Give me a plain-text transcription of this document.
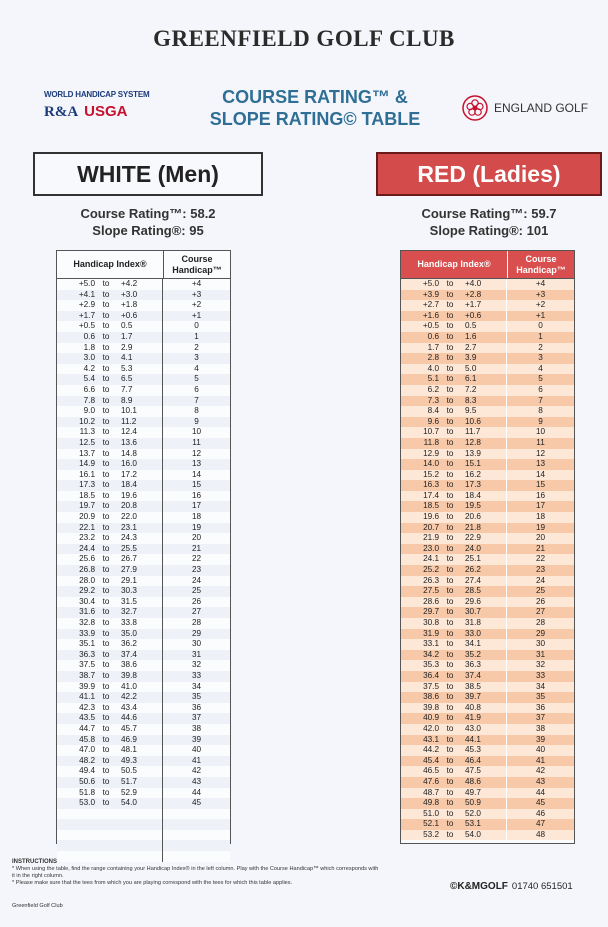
GREENFIELD GOLF CLUB
WORLD HANDICAP SYSTEM
R&A USGA
COURSE RATING™ &
SLOPE RATING© TABLE
ENGLAND GOLF
WHITE (Men)	RED (Ladies)
Course Rating™: 58.2
Slope Rating®: 95
Course Rating™: 59.7
Slope Rating®: 101
Handicap Index®
Course Handicap™
+5.0 to	+4.2	+4
+4.1 to	+3.0	+3
+2.9 to	+1.8	+2
+1.7 to	+0.6	+1
+0.5 to	0.5	0
0.6 to	1.7	1
1.8 to	2.9	2
3.0 to	4.1	3
4.2 to	5.3	4
5.4 to	6.5	5
6.6 to	7.7	6
7.8 to	8.9	7
9.0 to	10.1	8
10.2 to	11.2	9
11.3 to	12.4	10
12.5 to	13.6	11
13.7 to	14.8	12
14.9 to	16.0	13
16.1 to	17.2	14
17.3 to	18.4	15
18.5 to	19.6	16
19.7 to	20.8	17
20.9 to	22.0	18
22.1 to	23.1	19
23.2 to	24.3	20
24.4 to	25.5	21
25.6 to	26.7	22
26.8 to	27.9	23
28.0 to	29.1	24
29.2 to	30.3	25
30.4 to	31.5	26
31.6 to	32.7	27
32.8 to	33.8	28
33.9 to	35.0	29
35.1 to	36.2	30
36.3 to	37.4	31
37.5 to	38.6	32
38.7 to	39.8	33
39.9 to	41.0	34
41.1 to	42.2	35
42.3 to	43.4	36
43.5 to	44.6	37
44.7 to	45.7	38
45.8 to	46.9	39
47.0 to	48.1	40
48.2 to	49.3	41
49.4 to	50.5	42
50.6 to	51.7	43
51.8 to	52.9	44
53.0 to	54.0	45
Handicap Index®
Course Handicap™
+5.0 to	+4.0	+4
+3.9 to	+2.8	+3
+2.7 to	+1.7	+2
+1.6 to	+0.6	+1
+0.5 to	0.5	0
0.6 to	1.6	1
1.7 to	2.7	2
2.8 to	3.9	3
4.0 to	5.0	4
5.1 to	6.1	5
6.2 to	7.2	6
7.3 to	8.3	7
8.4 to	9.5	8
9.6 to	10.6	9
10.7 to	11.7	10
11.8 to	12.8	11
12.9 to	13.9	12
14.0 to	15.1	13
15.2 to	16.2	14
16.3 to	17.3	15
17.4 to	18.4	16
18.5 to	19.5	17
19.6 to	20.6	18
20.7 to	21.8	19
21.9 to	22.9	20
23.0 to	24.0	21
24.1 to	25.1	22
25.2 to	26.2	23
26.3 to	27.4	24
27.5 to	28.5	25
28.6 to	29.6	26
29.7 to	30.7	27
30.8 to	31.8	28
31.9 to	33.0	29
33.1 to	34.1	30
34.2 to	35.2	31
35.3 to	36.3	32
36.4 to	37.4	33
37.5 to	38.5	34
38.6 to	39.7	35
39.8 to	40.8	36
40.9 to	41.9	37
42.0 to	43.0	38
43.1 to	44.1	39
44.2 to	45.3	40
45.4 to	46.4	41
46.5 to	47.5	42
47.6 to	48.6	43
48.7 to	49.7	44
49.8 to	50.9	45
51.0 to	52.0	46
52.1 to	53.1	47
53.2 to	54.0	48
INSTRUCTIONS
* When using the table, find the range containing your Handicap Index® in the left column. Play with the Course Handicap™ which corresponds with it in the right column.
* Please make sure that the tees from which you are playing correspond with the tees for which this table applies.
Greenfield Golf Club
©K&MGOLF 01740 651501
